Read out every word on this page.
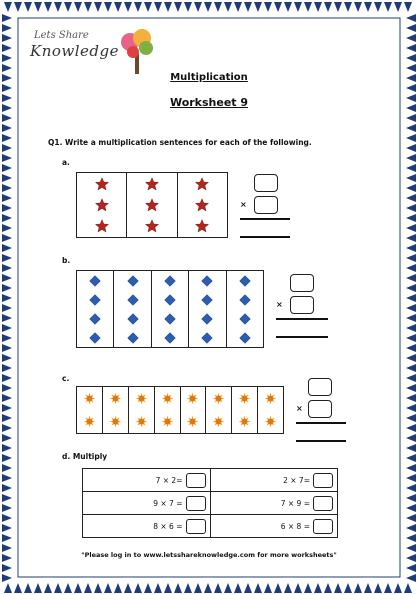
Lets Share
Knowledge
Multiplication
Worksheet 9
Q1. Write a multiplication sentences for each of the following.
a.
×
b.
×
c.
×
d. Multiply
7 × 2=	2 × 7=
9 × 7 =	7 × 9 =
8 × 6 =	6 × 8 =
"Please log in to www.letsshareknowledge.com for more worksheets"
